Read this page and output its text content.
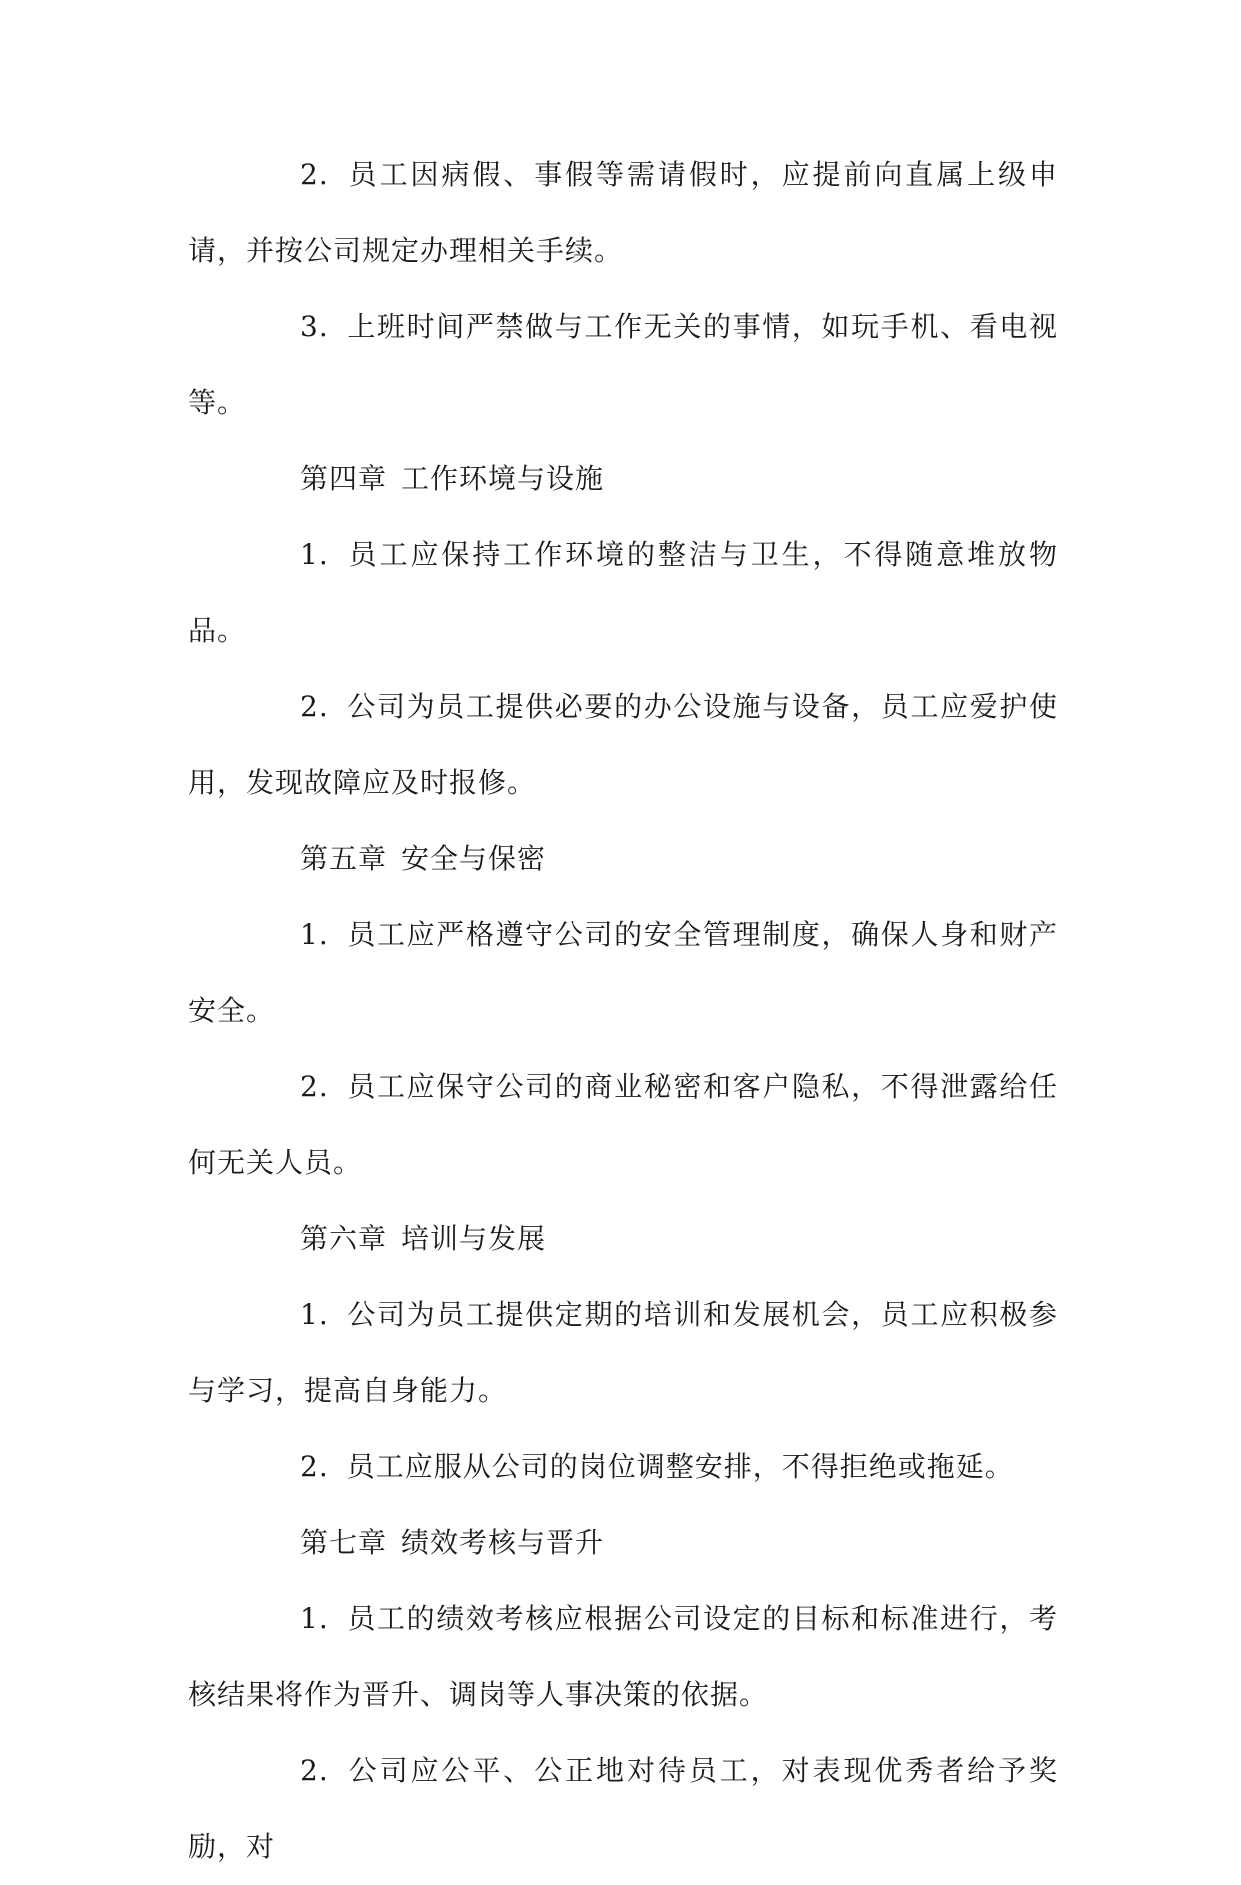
2. 员工因病假、事假等需请假时，应提前向直属上级申请，并按公司规定办理相关手续。

3. 上班时间严禁做与工作无关的事情，如玩手机、看电视等。

第四章 工作环境与设施

1. 员工应保持工作环境的整洁与卫生，不得随意堆放物品。

2. 公司为员工提供必要的办公设施与设备，员工应爱护使用，发现故障应及时报修。

第五章 安全与保密

1. 员工应严格遵守公司的安全管理制度，确保人身和财产安全。

2. 员工应保守公司的商业秘密和客户隐私，不得泄露给任何无关人员。

第六章 培训与发展

1. 公司为员工提供定期的培训和发展机会，员工应积极参与学习，提高自身能力。

2. 员工应服从公司的岗位调整安排，不得拒绝或拖延。

第七章 绩效考核与晋升

1. 员工的绩效考核应根据公司设定的目标和标准进行，考核结果将作为晋升、调岗等人事决策的依据。

2. 公司应公平、公正地对待员工，对表现优秀者给予奖励，对
